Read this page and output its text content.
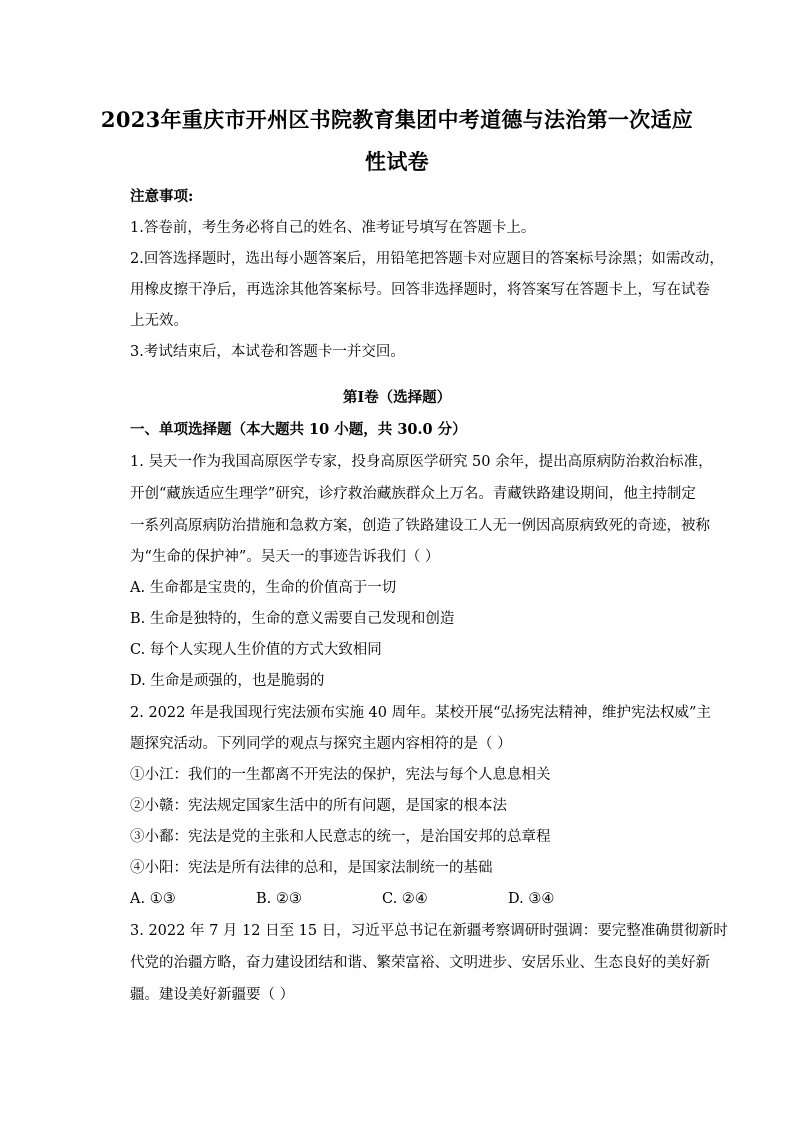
2023年重庆市开州区书院教育集团中考道德与法治第一次适应
性试卷
注意事项:
1.答卷前，考生务必将自己的姓名、准考证号填写在答题卡上。
2.回答选择题时，选出每小题答案后，用铅笔把答题卡对应题目的答案标号涂黑；如需改动，
用橡皮擦干净后，再选涂其他答案标号。回答非选择题时，将答案写在答题卡上，写在试卷
上无效。
3.考试结束后，本试卷和答题卡一并交回。
第Ⅰ卷（选择题）
一、单项选择题（本大题共 10 小题，共 30.0 分）
1. 吴天一作为我国高原医学专家，投身高原医学研究 50 余年，提出高原病防治救治标准，
开创“藏族适应生理学”研究，诊疗救治藏族群众上万名。青藏铁路建设期间，他主持制定
一系列高原病防治措施和急救方案，创造了铁路建设工人无一例因高原病致死的奇迹，被称
为“生命的保护神”。吴天一的事迹告诉我们（ ）
A. 生命都是宝贵的，生命的价值高于一切
B. 生命是独特的，生命的意义需要自己发现和创造
C. 每个人实现人生价值的方式大致相同
D. 生命是顽强的，也是脆弱的
2. 2022 年是我国现行宪法颁布实施 40 周年。某校开展“弘扬宪法精神，维护宪法权威”主
题探究活动。下列同学的观点与探究主题内容相符的是（ ）
①小江：我们的一生都离不开宪法的保护，宪法与每个人息息相关
②小赣：宪法规定国家生活中的所有问题，是国家的根本法
③小鄱：宪法是党的主张和人民意志的统一，是治国安邦的总章程
④小阳：宪法是所有法律的总和，是国家法制统一的基础
A. ①③	B. ②③	C. ②④	D. ③④
3. 2022 年 7 月 12 日至 15 日，习近平总书记在新疆考察调研时强调：要完整准确贯彻新时
代党的治疆方略，奋力建设团结和谐、繁荣富裕、文明进步、安居乐业、生态良好的美好新
疆。建设美好新疆要（ ）
